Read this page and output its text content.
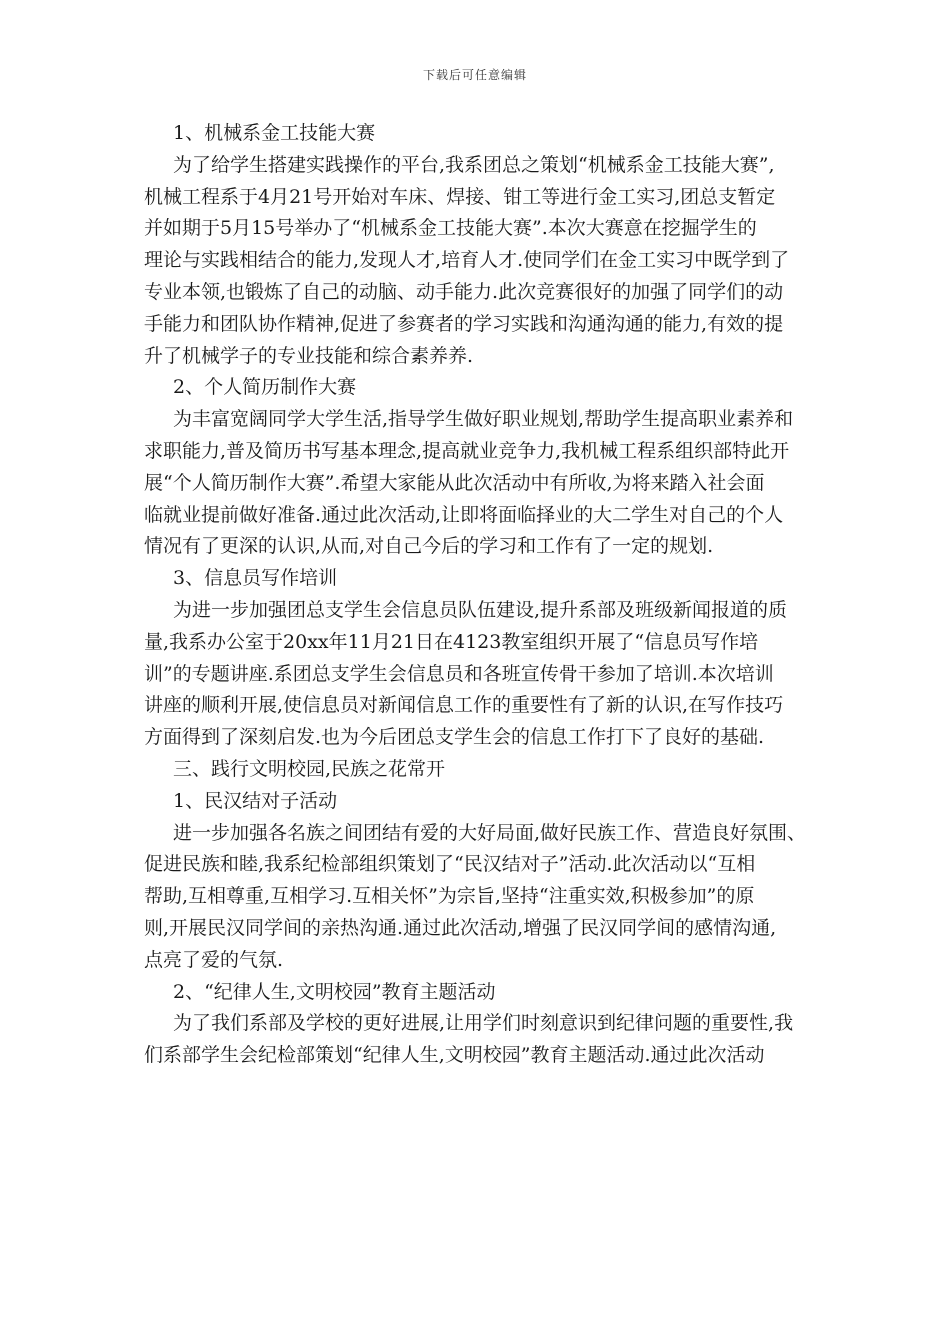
下载后可任意编辑
1、机械系金工技能大赛
为了给学生搭建实践操作的平台,我系团总之策划“机械系金工技能大赛”,
机械工程系于4月21号开始对车床、焊接、钳工等进行金工实习,团总支暂定
并如期于5月15号举办了“机械系金工技能大赛”.本次大赛意在挖掘学生的
理论与实践相结合的能力,发现人才,培育人才.使同学们在金工实习中既学到了
专业本领,也锻炼了自己的动脑、动手能力.此次竞赛很好的加强了同学们的动
手能力和团队协作精神,促进了参赛者的学习实践和沟通沟通的能力,有效的提
升了机械学子的专业技能和综合素养养.
2、个人简历制作大赛
为丰富宽阔同学大学生活,指导学生做好职业规划,帮助学生提高职业素养和
求职能力,普及简历书写基本理念,提高就业竞争力,我机械工程系组织部特此开
展“个人简历制作大赛”.希望大家能从此次活动中有所收,为将来踏入社会面
临就业提前做好准备.通过此次活动,让即将面临择业的大二学生对自己的个人
情况有了更深的认识,从而,对自己今后的学习和工作有了一定的规划.
3、信息员写作培训
为进一步加强团总支学生会信息员队伍建设,提升系部及班级新闻报道的质
量,我系办公室于20xx年11月21日在4123教室组织开展了“信息员写作培
训”的专题讲座.系团总支学生会信息员和各班宣传骨干参加了培训.本次培训
讲座的顺利开展,使信息员对新闻信息工作的重要性有了新的认识,在写作技巧
方面得到了深刻启发.也为今后团总支学生会的信息工作打下了良好的基础.
三、践行文明校园,民族之花常开
1、民汉结对子活动
进一步加强各名族之间团结有爱的大好局面,做好民族工作、营造良好氛围、
促进民族和睦,我系纪检部组织策划了“民汉结对子”活动.此次活动以“互相
帮助,互相尊重,互相学习.互相关怀”为宗旨,坚持“注重实效,积极参加”的原
则,开展民汉同学间的亲热沟通.通过此次活动,增强了民汉同学间的感情沟通,
点亮了爱的气氛.
2、“纪律人生,文明校园”教育主题活动
为了我们系部及学校的更好进展,让用学们时刻意识到纪律问题的重要性,我
们系部学生会纪检部策划“纪律人生,文明校园”教育主题活动.通过此次活动
